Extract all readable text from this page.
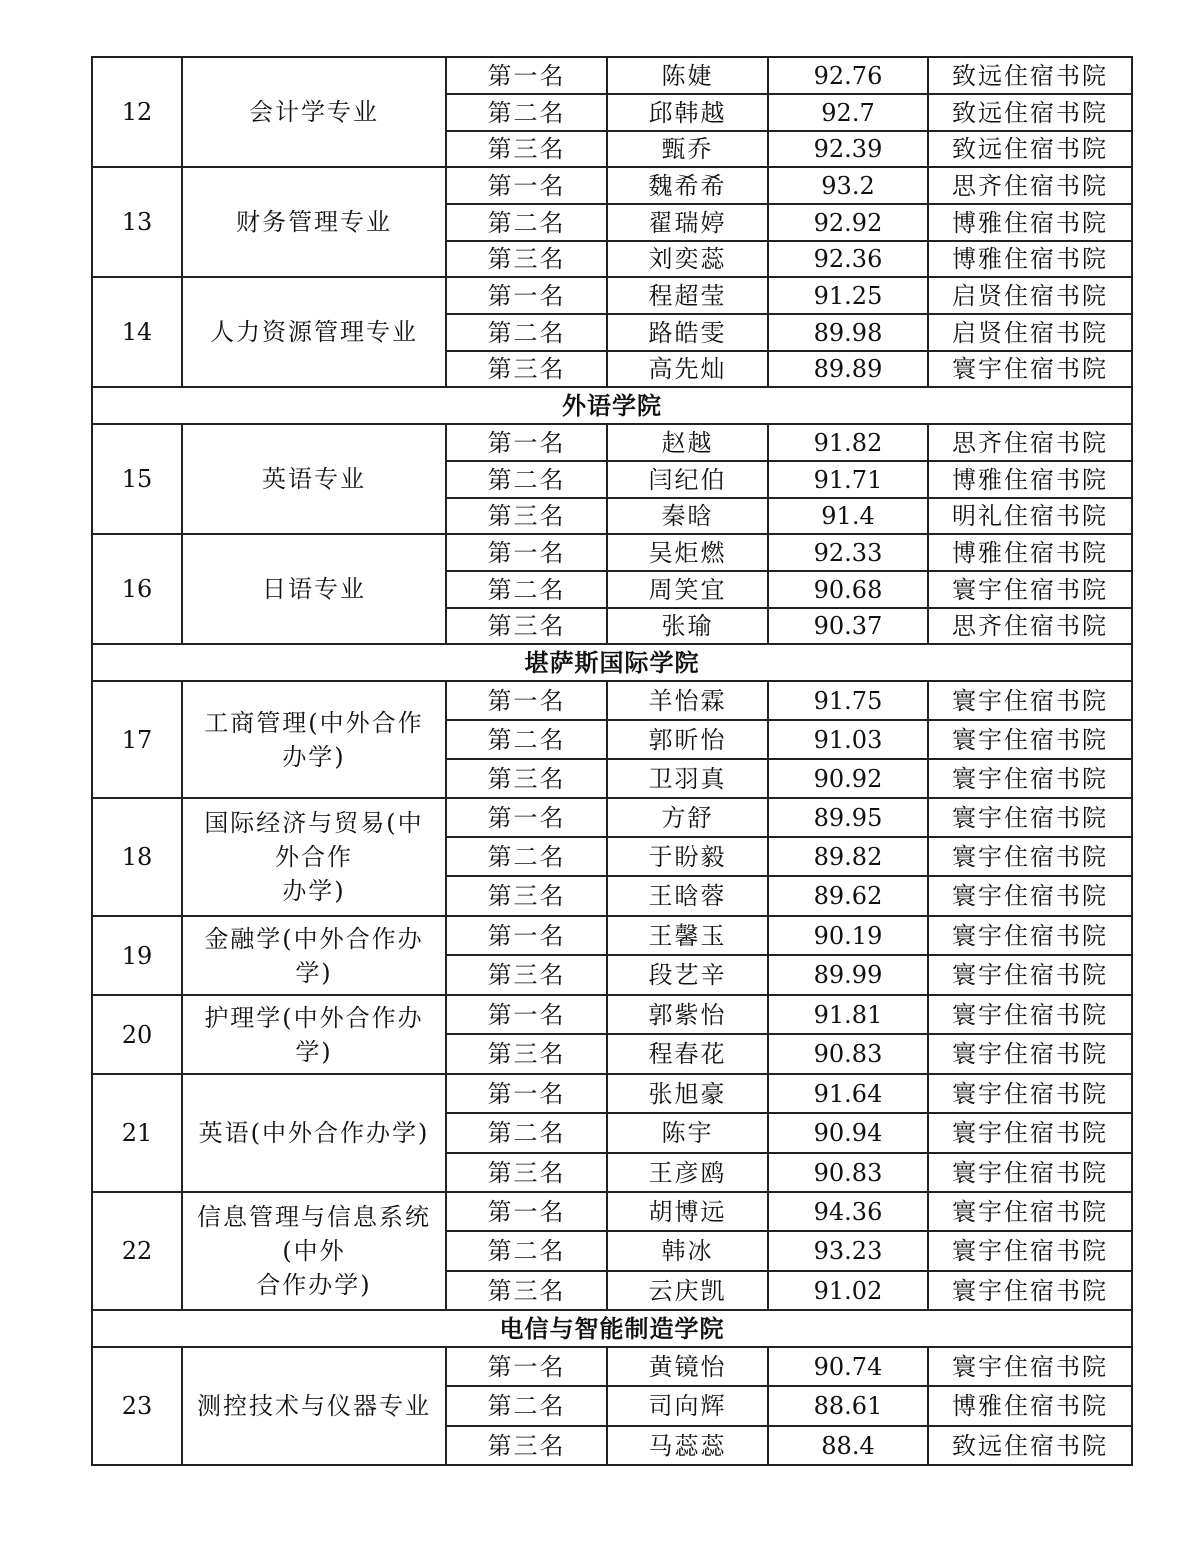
12	会计学专业	第一名	陈婕	92.76	致远住宿书院
		第二名	邱韩越	92.7	致远住宿书院
		第三名	甄乔	92.39	致远住宿书院
13	财务管理专业	第一名	魏希希	93.2	思齐住宿书院
		第二名	翟瑞婷	92.92	博雅住宿书院
		第三名	刘奕蕊	92.36	博雅住宿书院
14	人力资源管理专业	第一名	程超莹	91.25	启贤住宿书院
		第二名	路皓雯	89.98	启贤住宿书院
		第三名	高先灿	89.89	寰宇住宿书院
外语学院					
15	英语专业	第一名	赵越	91.82	思齐住宿书院
		第二名	闫纪伯	91.71	博雅住宿书院
		第三名	秦晗	91.4	明礼住宿书院
16	日语专业	第一名	吴炬燃	92.33	博雅住宿书院
		第二名	周笑宜	90.68	寰宇住宿书院
		第三名	张瑜	90.37	思齐住宿书院
堪萨斯国际学院					
17	工商管理(中外合作
办学)	第一名	羊怡霖	91.75	寰宇住宿书院
		第二名	郭昕怡	91.03	寰宇住宿书院
		第三名	卫羽真	90.92	寰宇住宿书院
18	国际经济与贸易(中
外合作
办学)	第一名	方舒	89.95	寰宇住宿书院
		第二名	于盼毅	89.82	寰宇住宿书院
		第三名	王晗蓉	89.62	寰宇住宿书院
19	金融学(中外合作办
学)	第一名	王馨玉	90.19	寰宇住宿书院
		第三名	段艺辛	89.99	寰宇住宿书院
20	护理学(中外合作办
学)	第一名	郭紫怡	91.81	寰宇住宿书院
		第三名	程春花	90.83	寰宇住宿书院
21	英语(中外合作办学)	第一名	张旭豪	91.64	寰宇住宿书院
		第二名	陈宇	90.94	寰宇住宿书院
		第三名	王彦鸥	90.83	寰宇住宿书院
22	信息管理与信息系统
(中外
合作办学)	第一名	胡博远	94.36	寰宇住宿书院
		第二名	韩冰	93.23	寰宇住宿书院
		第三名	云庆凯	91.02	寰宇住宿书院
电信与智能制造学院					
23	测控技术与仪器专业	第一名	黄镜怡	90.74	寰宇住宿书院
		第二名	司向辉	88.61	博雅住宿书院
		第三名	马蕊蕊	88.4	致远住宿书院
